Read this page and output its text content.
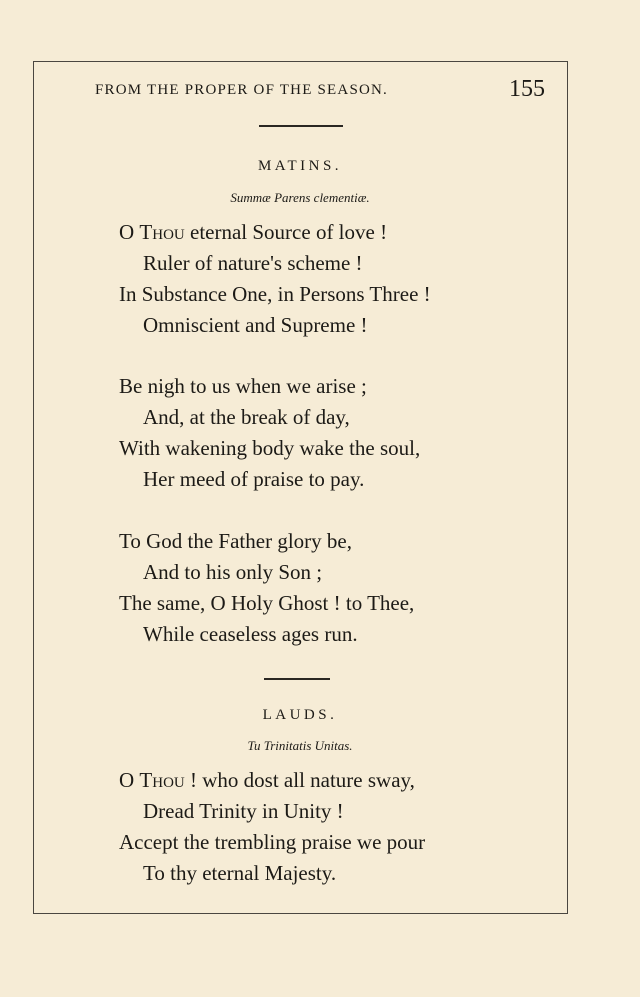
FROM THE PROPER OF THE SEASON.	155
MATINS.
Summæ Parens clementiæ.
O Thou eternal Source of love !
Ruler of nature's scheme !
In Substance One, in Persons Three !
Omniscient and Supreme !
Be nigh to us when we arise ;
And, at the break of day,
With wakening body wake the soul,
Her meed of praise to pay.
To God the Father glory be,
And to his only Son ;
The same, O Holy Ghost ! to Thee,
While ceaseless ages run.
LAUDS.
Tu Trinitatis Unitas.
O Thou ! who dost all nature sway,
Dread Trinity in Unity !
Accept the trembling praise we pour
To thy eternal Majesty.
